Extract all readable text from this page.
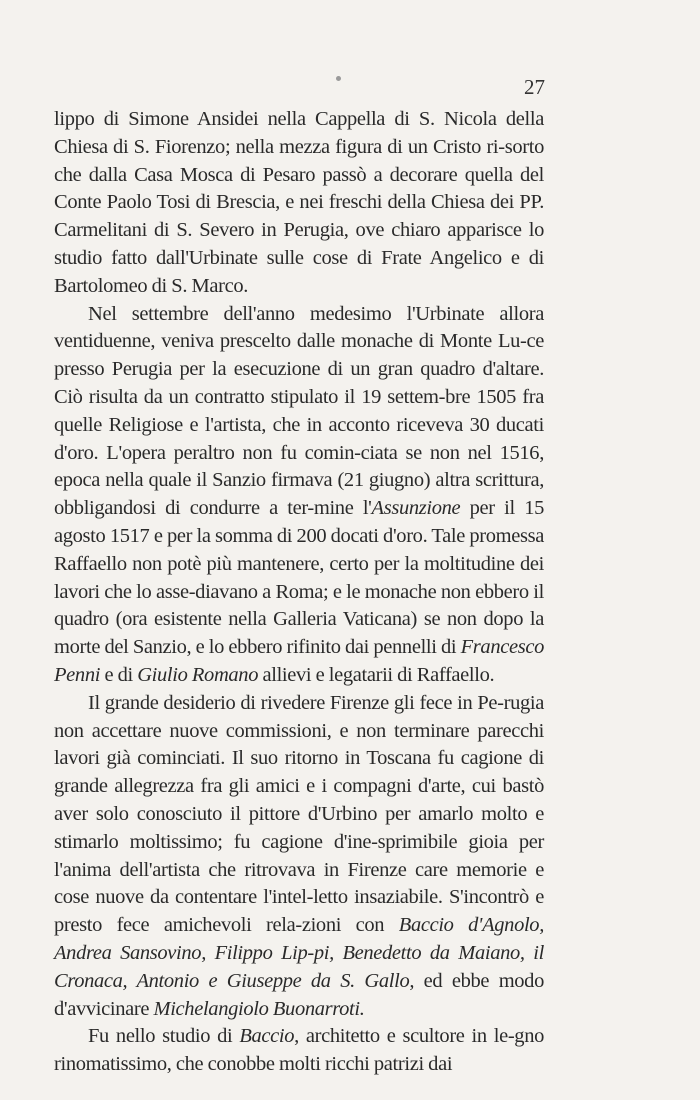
27

lippo di Simone Ansidei nella Cappella di S. Nicola della Chiesa di S. Fiorenzo; nella mezza figura di un Cristo ri-sorto che dalla Casa Mosca di Pesaro passò a decorare quella del Conte Paolo Tosi di Brescia, e nei freschi della Chiesa dei PP. Carmelitani di S. Severo in Perugia, ove chiaro apparisce lo studio fatto dall'Urbinate sulle cose di Frate Angelico e di Bartolomeo di S. Marco.

Nel settembre dell'anno medesimo l'Urbinate allora ventiduenne, veniva prescelto dalle monache di Monte Lu-ce presso Perugia per la esecuzione di un gran quadro d'altare. Ciò risulta da un contratto stipulato il 19 settem-bre 1505 fra quelle Religiose e l'artista, che in acconto riceveva 30 ducati d'oro. L'opera peraltro non fu comin-ciata se non nel 1516, epoca nella quale il Sanzio firmava (21 giugno) altra scrittura, obbligandosi di condurre a ter-mine l'Assunzione per il 15 agosto 1517 e per la somma di 200 docati d'oro. Tale promessa Raffaello non potè più mantenere, certo per la moltitudine dei lavori che lo asse-diavano a Roma; e le monache non ebbero il quadro (ora esistente nella Galleria Vaticana) se non dopo la morte del Sanzio, e lo ebbero rifinito dai pennelli di Francesco Penni e di Giulio Romano allievi e legatarii di Raffaello.

Il grande desiderio di rivedere Firenze gli fece in Pe-rugia non accettare nuove commissioni, e non terminare parecchi lavori già cominciati. Il suo ritorno in Toscana fu cagione di grande allegrezza fra gli amici e i compagni d'arte, cui bastò aver solo conosciuto il pittore d'Urbino per amarlo molto e stimarlo moltissimo; fu cagione d'ine-sprimibile gioia per l'anima dell'artista che ritrovava in Firenze care memorie e cose nuove da contentare l'intel-letto insaziabile. S'incontrò e presto fece amichevoli rela-zioni con Baccio d'Agnolo, Andrea Sansovino, Filippo Lip-pi, Benedetto da Maiano, il Cronaca, Antonio e Giuseppe da S. Gallo, ed ebbe modo d'avvicinare Michelangiolo Buonarroti.

Fu nello studio di Baccio, architetto e scultore in le-gno rinomatissimo, che conobbe molti ricchi patrizi dai
